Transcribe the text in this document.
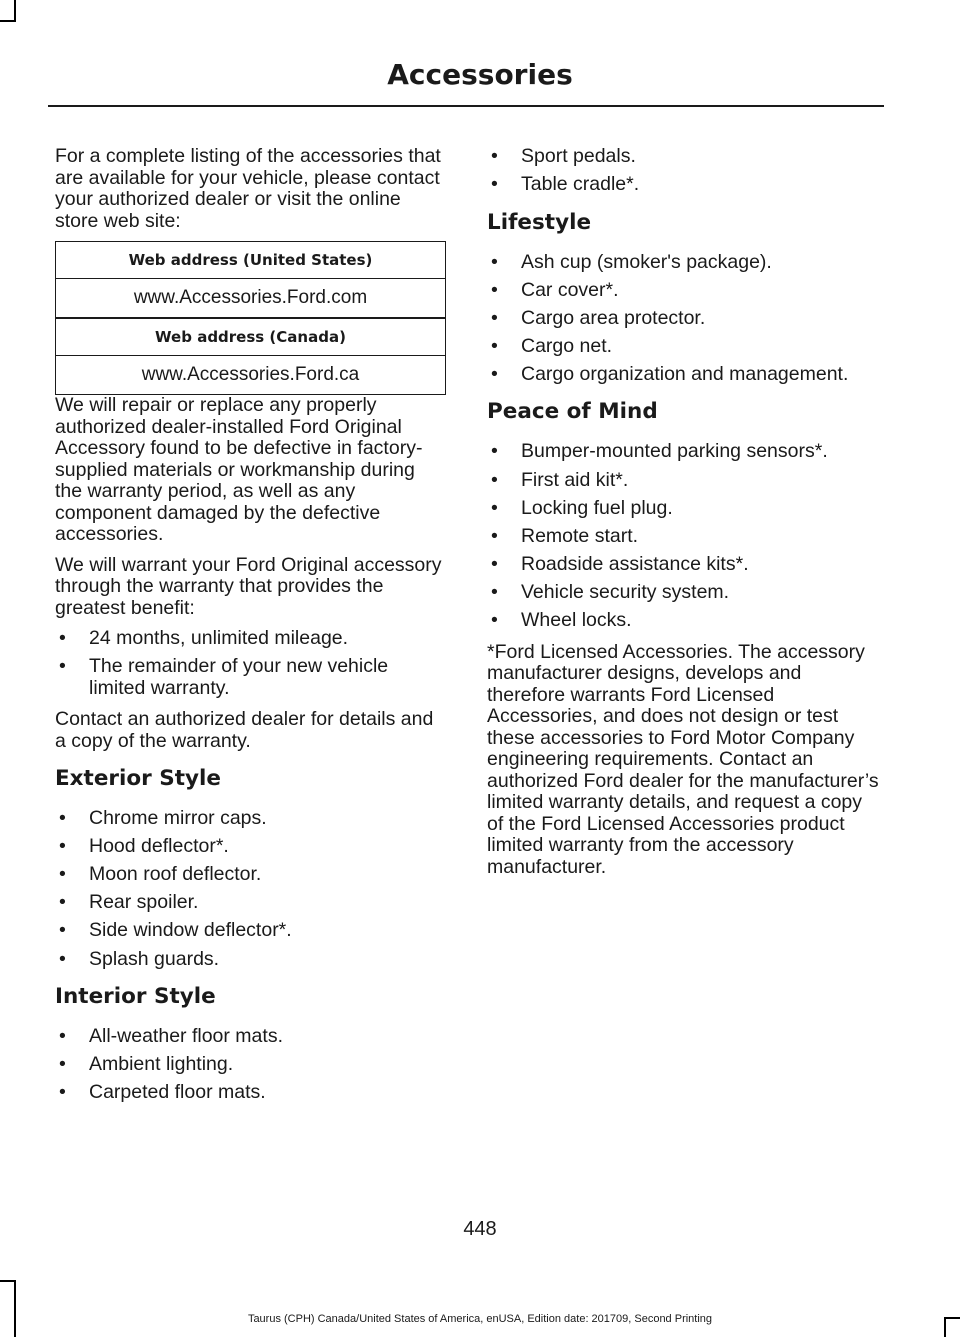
Accessories

For a complete listing of the accessories that are available for your vehicle, please contact your authorized dealer or visit the online store web site:

Web address (United States)
www.Accessories.Ford.com
Web address (Canada)
www.Accessories.Ford.ca

We will repair or replace any properly authorized dealer-installed Ford Original Accessory found to be defective in factory-supplied materials or workmanship during the warranty period, as well as any component damaged by the defective accessories.

We will warrant your Ford Original accessory through the warranty that provides the greatest benefit:

• 24 months, unlimited mileage.
• The remainder of your new vehicle limited warranty.

Contact an authorized dealer for details and a copy of the warranty.

Exterior Style
• Chrome mirror caps.
• Hood deflector*.
• Moon roof deflector.
• Rear spoiler.
• Side window deflector*.
• Splash guards.
Interior Style
• All-weather floor mats.
• Ambient lighting.
• Carpeted floor mats.
• Sport pedals.
• Table cradle*.
Lifestyle
• Ash cup (smoker's package).
• Car cover*.
• Cargo area protector.
• Cargo net.
• Cargo organization and management.
Peace of Mind
• Bumper-mounted parking sensors*.
• First aid kit*.
• Locking fuel plug.
• Remote start.
• Roadside assistance kits*.
• Vehicle security system.
• Wheel locks.

*Ford Licensed Accessories. The accessory manufacturer designs, develops and therefore warrants Ford Licensed Accessories, and does not design or test these accessories to Ford Motor Company engineering requirements. Contact an authorized Ford dealer for the manufacturer’s limited warranty details, and request a copy of the Ford Licensed Accessories product limited warranty from the accessory manufacturer.

448
Taurus (CPH) Canada/United States of America, enUSA, Edition date: 201709, Second Printing
